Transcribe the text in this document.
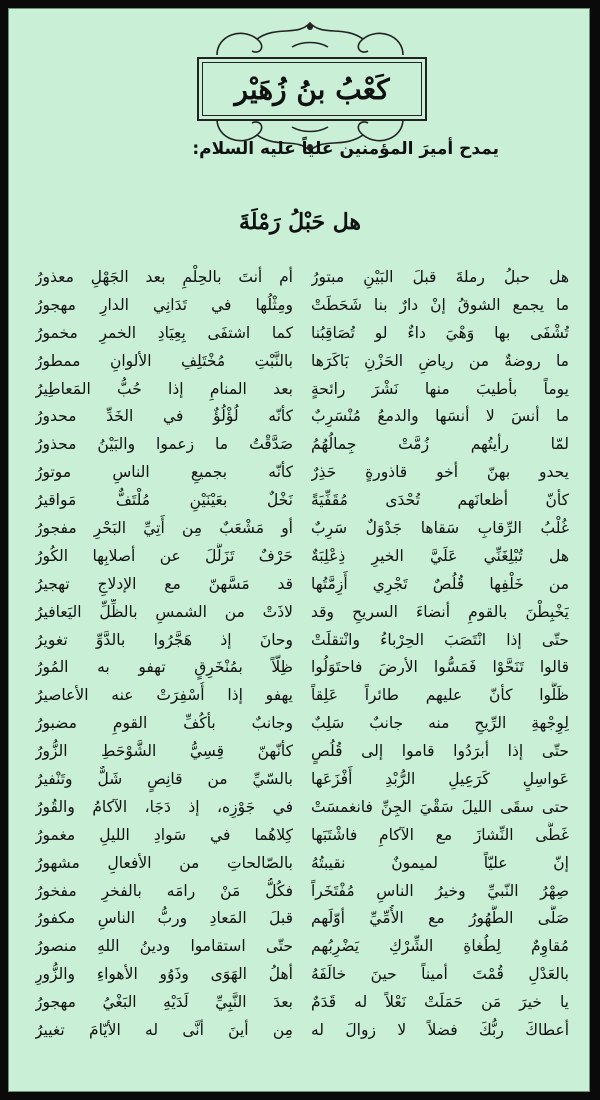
كَعْبُ بنُ زُهَيْر
يمدح أميرَ المؤمنين علياً عليه السلام:
هل حَبْلُ رَمْلَةَ
هل حبلُ رملةَ قبلَ البَيْنِ مبتورُ
أم أنتَ بالحِلْمِ بعد الجَهْلِ معذورُ
ما يجمع الشوقُ إنْ دارٌ بنا شَحَطَتْ
ومِثْلُها في تَدَانِي الدارِ مهجورُ
تُشْفَى بها وَهْيَ داءٌ لو تُصَاقِبُنا
كما اشتفَى بِعِيَادِ الخمرِ مخمورُ
ما روضةٌ من رياضِ الحَزْنِ بَاكَرَها
بالنَّبْتِ مُخْتَلِفِ الألوانِ ممطورُ
يوماً بأطيبَ منها نَشْرَ رائحةٍ
بعد المنامِ إذا حُبُّ المَعاطِيرُ
ما أنسَ لا أنسَها والدمعُ مُنْسَرِبٌ
كأنّه لُؤْلُؤٌ في الخَدِّ محدورُ
لمّا رأيتُهم زُمَّتْ جِمالُهُمُ
صَدَّقْتُ ما زعموا والبَيْنُ محذورُ
يحدو بهنّ أخو قاذورةٍ حَذِرٌ
كأنّه بجميعِ الناسِ موتورُ
كأنّ أظعانَهم تُحْدَى مُقَفِّيَةً
نَخْلٌ بعَيْنَيْنِ مُلْتَفٌّ مَواقيرُ
غُلْبُ الرِّقابِ سَقاها جَدْوَلٌ سَرِبٌ
أو مَشْعَبٌ مِن أَتِيِّ البَحْرِ مفجورُ
هل تُبْلِغَنِّي عَلَيَّ الخيرِ ذِعْلِبَةٌ
حَرْفٌ تَزَلَّلَ عن أصلابِها الكُورُ
من خَلْفِها قُلُصٌ تَجْرِي أَزِمَّتُها
قد مَسَّهنّ مع الإدلاجِ تهجيرُ
يَخْبِطْنَ بالقومِ أنضاءَ السريحِ وقد
لاذَتْ من الشمسِ بالظِّلِّ اليَعافيرُ
حتّى إذا انْتَصَبَ الحِرْباءُ وانْتقلَتْ
وحانَ إذ هَجَّرُوا بالدَّوِّ تغويرُ
قالوا تَنَحَّوْا فَمَسُّوا الأرضَ فاحتَوَلُوا
ظِلّاً بمُنْخَرِقٍ تهفو به المُورُ
ظَلُّوا كأنّ عليهم طائراً عَلِقاً
يهفو إذا أُسْفِرَتْ عنه الأعاصيرُ
لِوِجْهةِ الرِّيحِ منه جانبٌ سَلِبٌ
وجانبٌ بأكُفِّ القومِ مضبورُ
حتّى إذا أبرَدُوا قاموا إلى قُلُصٍ
كأنّهنّ قِسِيُّ الشَّوْحَطِ الزُّورُ
عَواسِلٍ كَرَعِيلِ الرُّبْدِ أَفْزَعَها
بالسّيِّ من قانِصٍ شَلٌّ وتَنْفيرُ
حتى سقَى الليلَ سَقْيَ الجِنِّ فانغمسَتْ
في جَوْزِه، إذ دَجَا، الآكامُ والقُورُ
غَطَّى النِّشازَ مع الآكامِ فاشْتَبَها
كِلاهُما في سَوادِ الليلِ مغمورُ
إنّ عليّاً لميمونٌ نقيبتُهُ
بالصّالحاتِ من الأفعالِ مشهورُ
صِهْرُ النّبيِّ وخيرُ الناسِ مُفْتَخَراً
فكُلُّ مَنْ رامَه بالفخرِ مفخورُ
صَلَّى الطَّهُورُ مع الأُمِّيِّ أوّلَهم
قبلَ المَعادِ وربُّ الناسِ مكفورُ
مُقاوِمٌ لِطُغاةِ الشِّرْكِ يَضْرِبُهم
حتّى استقاموا ودينُ اللهِ منصورُ
بالعَدْلِ قُمْتَ أميناً حينَ خالَفَهُ
أهلُ الهَوَى وذَوُو الأهواءِ والزُّورِ
يا خيرَ مَن حَمَلَتْ نَعْلاً له قَدَمٌ
بعدَ النَّبِيِّ لَدَيْهِ البَغْيُ مهجورُ
أعطاكَ ربُّكَ فضلاً لا زوالَ له
مِن أينَ أنَّى له الأيّامَ تغييرُ
